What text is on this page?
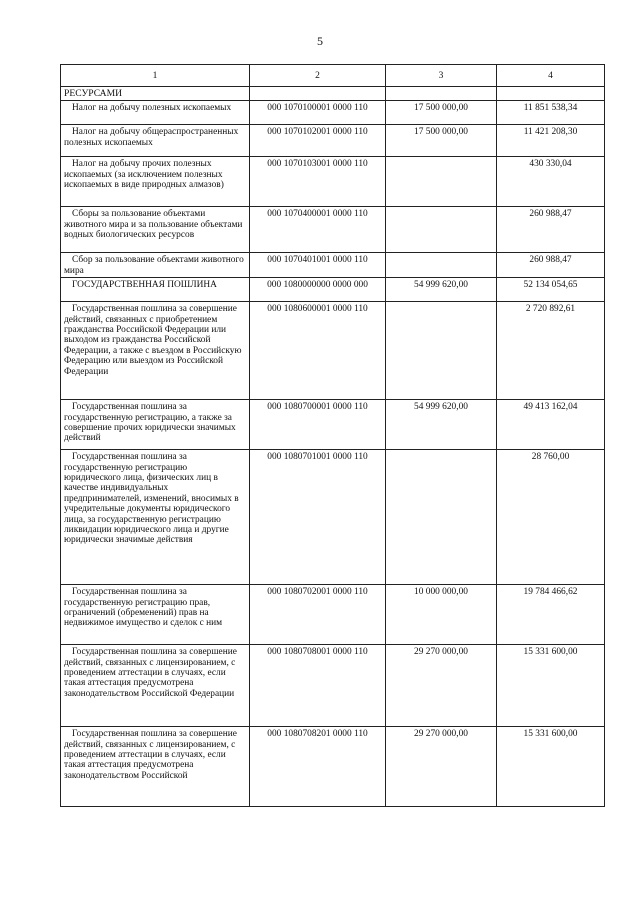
5
1	2	3	4
РЕСУРСАМИ			

Налог на добычу полезных ископаемых	000 1070100001 0000 110	17 500 000,00	11 851 538,34

Налог на добычу общераспространенных полезных ископаемых	000 1070102001 0000 110	17 500 000,00	11 421 208,30

Налог на добычу прочих полезных ископаемых (за исключением полезных ископаемых в виде природных алмазов)	000 1070103001 0000 110		430 330,04

Сборы за пользование объектами животного мира и за пользование объектами водных биологических ресурсов	000 1070400001 0000 110		260 988,47

Сбор за пользование объектами животного мира	000 1070401001 0000 110		260 988,47

ГОСУДАРСТВЕННАЯ ПОШЛИНА	000 1080000000 0000 000	54 999 620,00	52 134 054,65

Государственная пошлина за совершение действий, связанных с приобретением гражданства Российской Федерации или выходом из гражданства Российской Федерации, а также с въездом в Российскую Федерацию или выездом из Российской Федерации	000 1080600001 0000 110		2 720 892,61

Государственная пошлина за государственную регистрацию, а также за совершение прочих юридически значимых действий	000 1080700001 0000 110	54 999 620,00	49 413 162,04

Государственная пошлина за государственную регистрацию юридического лица, физических лиц в качестве индивидуальных предпринимателей, изменений, вносимых в учредительные документы юридического лица, за государственную регистрацию ликвидации юридического лица и другие юридически значимые действия	000 1080701001 0000 110		28 760,00

Государственная пошлина за государственную регистрацию прав, ограничений (обременений) прав на недвижимое имущество и сделок с ним	000 1080702001 0000 110	10 000 000,00	19 784 466,62

Государственная пошлина за совершение действий, связанных с лицензированием, с проведением аттестации в случаях, если такая аттестация предусмотрена законодательством Российской Федерации	000 1080708001 0000 110	29 270 000,00	15 331 600,00

Государственная пошлина за совершение действий, связанных с лицензированием, с проведением аттестации в случаях, если такая аттестация предусмотрена законодательством Российской	000 1080708201 0000 110	29 270 000,00	15 331 600,00
